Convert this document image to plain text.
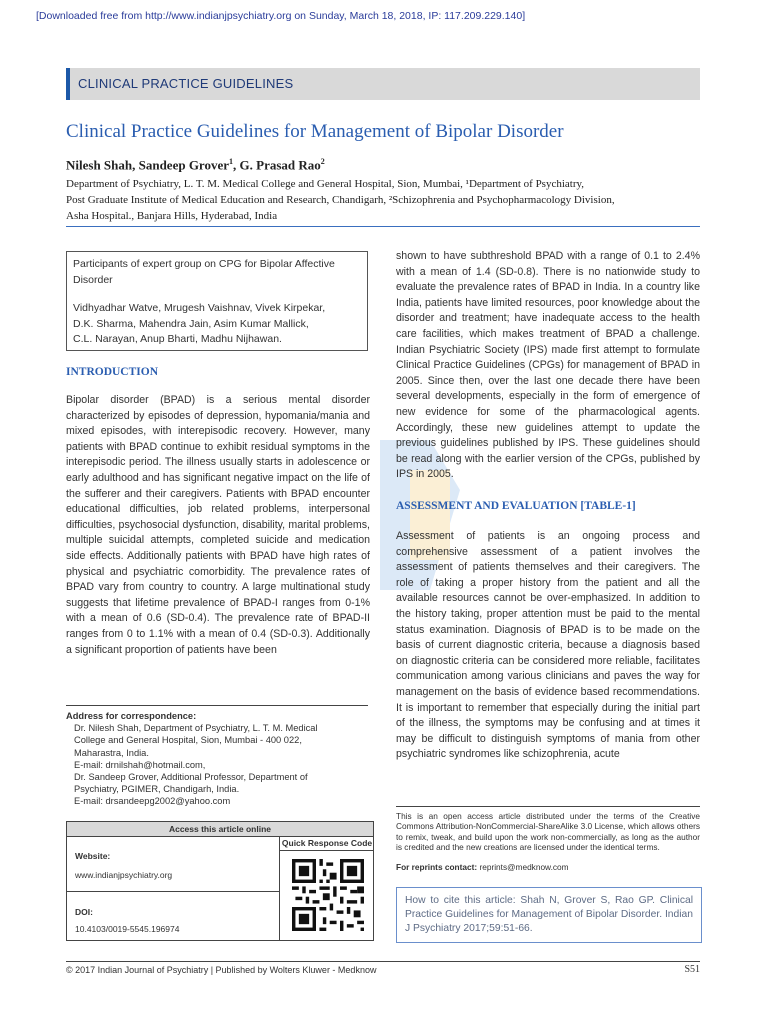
[Downloaded free from http://www.indianjpsychiatry.org on Sunday, March 18, 2018, IP: 117.209.229.140]
CLINICAL PRACTICE GUIDELINES
Clinical Practice Guidelines for Management of Bipolar Disorder
Nilesh Shah, Sandeep Grover$^1$, G. Prasad Rao$^2$
Department of Psychiatry, L. T. M. Medical College and General Hospital, Sion, Mumbai, ¹Department of Psychiatry,
Post Graduate Institute of Medical Education and Research, Chandigarh, ²Schizophrenia and Psychopharmacology Division,
Asha Hospital., Banjara Hills, Hyderabad, India
Participants of expert group on CPG for Bipolar Affective Disorder
Vidhyadhar Watve, Mrugesh Vaishnav, Vivek Kirpekar,
D.K. Sharma, Mahendra Jain, Asim Kumar Mallick,
C.L. Narayan, Anup Bharti, Madhu Nijhawan.
INTRODUCTION
Bipolar disorder (BPAD) is a serious mental disorder characterized by episodes of depression, hypomania/mania and mixed episodes, with interepisodic recovery. However, many patients with BPAD continue to exhibit residual symptoms in the interepisodic period. The illness usually starts in adolescence or early adulthood and has significant negative impact on the life of the sufferer and their caregivers. Patients with BPAD encounter educational difficulties, job related problems, interpersonal difficulties, psychosocial dysfunction, disability, marital problems, multiple suicidal attempts, completed suicide and medication side effects. Additionally patients with BPAD have high rates of physical and psychiatric comorbidity. The prevalence rates of BPAD vary from country to country. A large multinational study suggests that lifetime prevalence of BPAD-I ranges from 0-1% with a mean of 0.6 (SD-0.4). The prevalence rate of BPAD-II ranges from 0 to 1.1% with a mean of 0.4 (SD-0.3). Additionally a significant proportion of patients have been
shown to have subthreshold BPAD with a range of 0.1 to 2.4% with a mean of 1.4 (SD-0.8). There is no nationwide study to evaluate the prevalence rates of BPAD in India. In a country like India, patients have limited resources, poor knowledge about the disorder and treatment; have inadequate access to the health care facilities, which makes treatment of BPAD a challenge. Indian Psychiatric Society (IPS) made first attempt to formulate Clinical Practice Guidelines (CPGs) for management of BPAD in 2005. Since then, over the last one decade there have been several developments, especially in the form of emergence of new evidence for some of the pharmacological agents. Accordingly, these new guidelines attempt to update the previous guidelines published by IPS. These guidelines should be read along with the earlier version of the CPGs, published by IPS in 2005.
ASSESSMENT AND EVALUATION [TABLE-1]
Assessment of patients is an ongoing process and comprehensive assessment of a patient involves the assessment of patients themselves and their caregivers. The role of taking a proper history from the patient and all the available resources cannot be over-emphasized. In addition to the history taking, proper attention must be paid to the mental status examination. Diagnosis of BPAD is to be made on the basis of current diagnostic criteria, because a diagnosis based on diagnostic criteria can be considered more reliable, facilitates communication among various clinicians and paves the way for management on the basis of evidence based recommendations. It is important to remember that especially during the initial part of the illness, the symptoms may be confusing and at times it may be difficult to distinguish symptoms of mania from other psychiatric syndromes like schizophrenia, acute
Address for correspondence:
Dr. Nilesh Shah, Department of Psychiatry, L. T. M. Medical
College and General Hospital, Sion, Mumbai - 400 022,
Maharastra, India.
E-mail: drnilshah@hotmail.com,
Dr. Sandeep Grover, Additional Professor, Department of
Psychiatry, PGIMER, Chandigarh, India.
E-mail: drsandeepg2002@yahoo.com
Access this article online
Website:
www.indianjpsychiatry.org
DOI:
10.4103/0019-5545.196974
Quick Response Code
This is an open access article distributed under the terms of the Creative Commons Attribution-NonCommercial-ShareAlike 3.0 License, which allows others to remix, tweak, and build upon the work non-commercially, as long as the author is credited and the new creations are licensed under the identical terms.
For reprints contact: reprints@medknow.com
How to cite this article: Shah N, Grover S, Rao GP. Clinical Practice Guidelines for Management of Bipolar Disorder. Indian J Psychiatry 2017;59:51-66.
© 2017 Indian Journal of Psychiatry | Published by Wolters Kluwer - Medknow	S51
